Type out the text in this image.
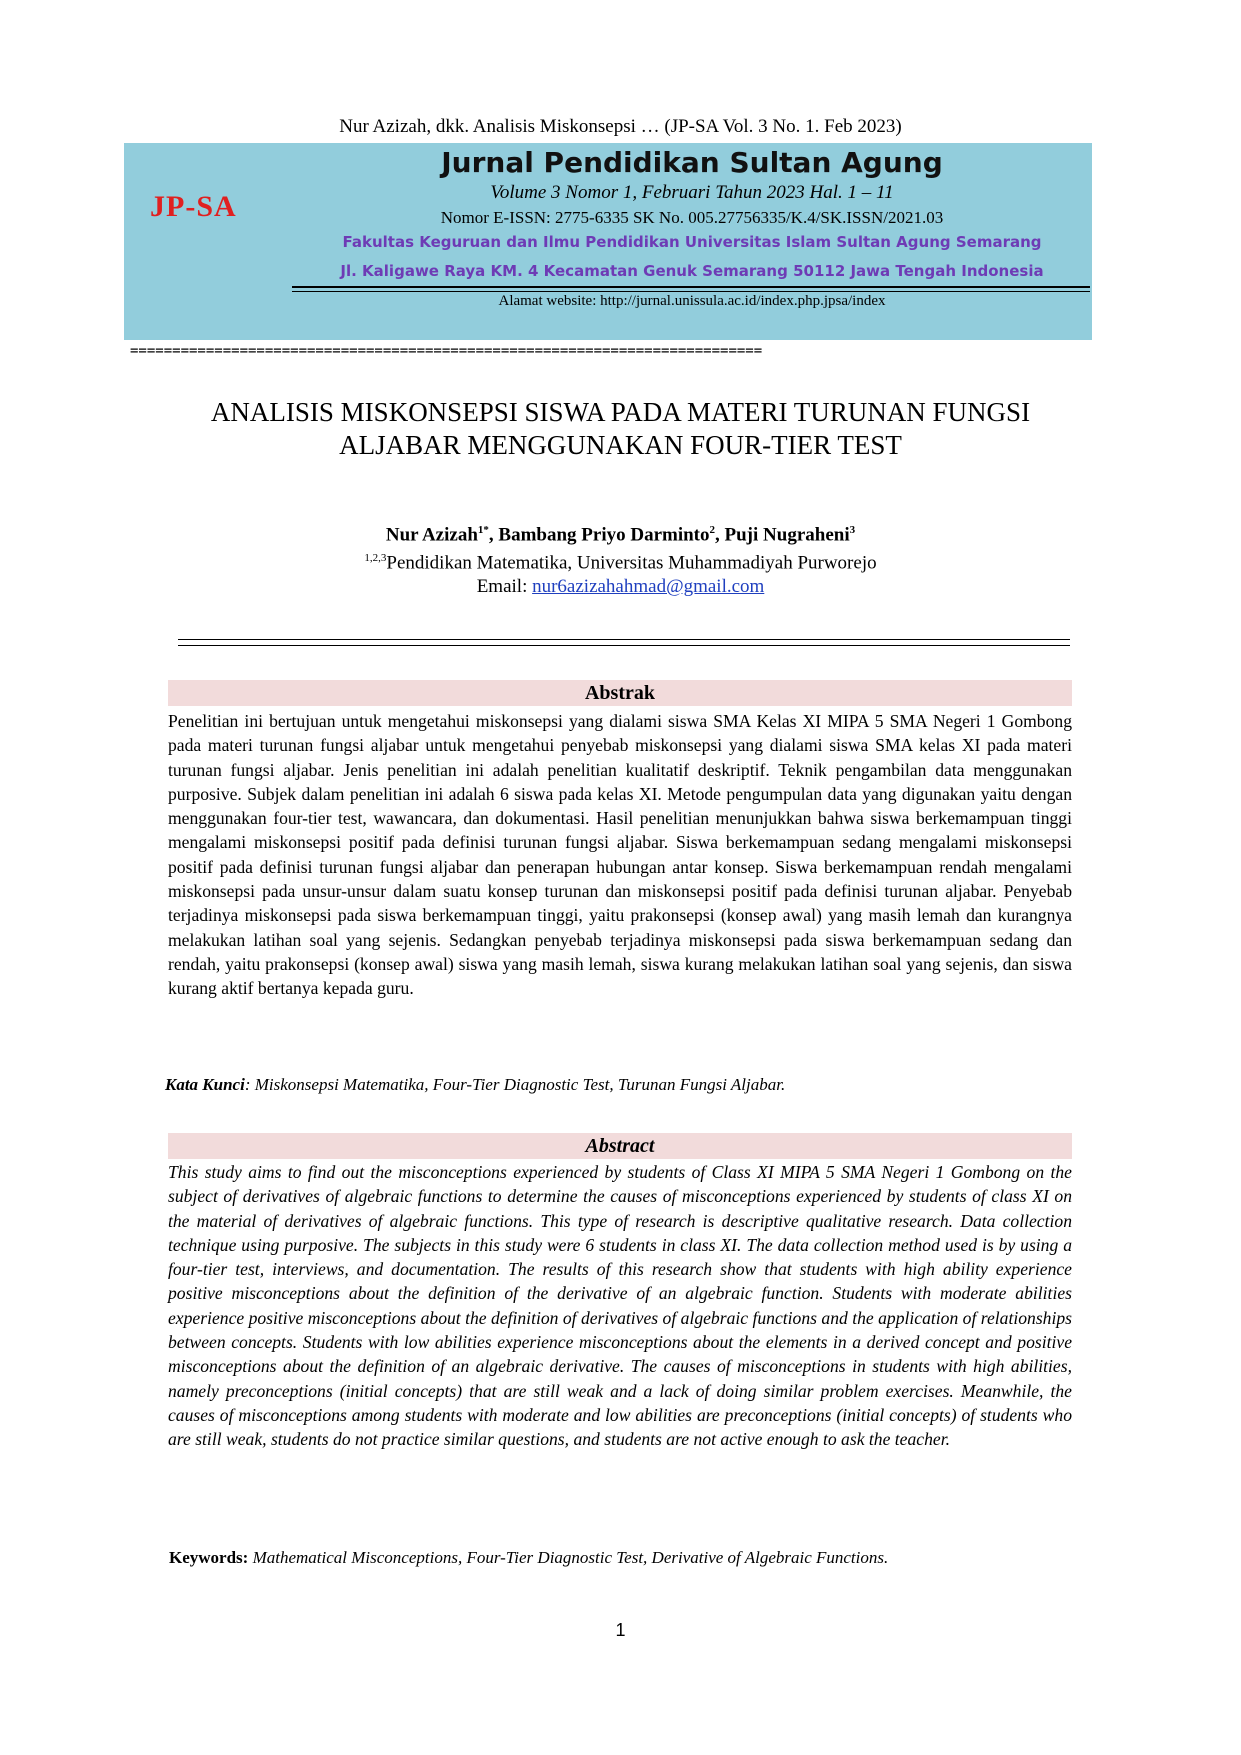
Nur Azizah, dkk. Analisis Miskonsepsi … (JP-SA Vol. 3 No. 1. Feb 2023)
JP-SA
Jurnal Pendidikan Sultan Agung
Volume 3 Nomor 1, Februari Tahun 2023 Hal. 1 – 11
Nomor E-ISSN: 2775-6335 SK No. 005.27756335/K.4/SK.ISSN/2021.03
Fakultas Keguruan dan Ilmu Pendidikan Universitas Islam Sultan Agung Semarang
Jl. Kaligawe Raya KM. 4 Kecamatan Genuk Semarang 50112 Jawa Tengah Indonesia
Alamat website: http://jurnal.unissula.ac.id/index.php.jpsa/index
===========================================================================
ANALISIS MISKONSEPSI SISWA PADA MATERI TURUNAN FUNGSI
ALJABAR MENGGUNAKAN FOUR-TIER TEST
Nur Azizah$^{1*}$, Bambang Priyo Darminto$^2$, Puji Nugraheni$^3$
$^{1,2,3}$Pendidikan Matematika, Universitas Muhammadiyah Purworejo
Email: nur6azizahahmad@gmail.com
Abstrak
Penelitian ini bertujuan untuk mengetahui miskonsepsi yang dialami siswa SMA Kelas XI MIPA 5 SMA Negeri 1 Gombong pada materi turunan fungsi aljabar untuk mengetahui penyebab miskonsepsi yang dialami siswa SMA kelas XI pada materi turunan fungsi aljabar. Jenis penelitian ini adalah penelitian kualitatif deskriptif. Teknik pengambilan data menggunakan purposive. Subjek dalam penelitian ini adalah 6 siswa pada kelas XI. Metode pengumpulan data yang digunakan yaitu dengan menggunakan four-tier test, wawancara, dan dokumentasi. Hasil penelitian menunjukkan bahwa siswa berkemampuan tinggi mengalami miskonsepsi positif pada definisi turunan fungsi aljabar. Siswa berkemampuan sedang mengalami miskonsepsi positif pada definisi turunan fungsi aljabar dan penerapan hubungan antar konsep. Siswa berkemampuan rendah mengalami miskonsepsi pada unsur-unsur dalam suatu konsep turunan dan miskonsepsi positif pada definisi turunan aljabar. Penyebab terjadinya miskonsepsi pada siswa berkemampuan tinggi, yaitu prakonsepsi (konsep awal) yang masih lemah dan kurangnya melakukan latihan soal yang sejenis. Sedangkan penyebab terjadinya miskonsepsi pada siswa berkemampuan sedang dan rendah, yaitu prakonsepsi (konsep awal) siswa yang masih lemah, siswa kurang melakukan latihan soal yang sejenis, dan siswa kurang aktif bertanya kepada guru.
Kata Kunci: Miskonsepsi Matematika, Four-Tier Diagnostic Test, Turunan Fungsi Aljabar.
Abstract
This study aims to find out the misconceptions experienced by students of Class XI MIPA 5 SMA Negeri 1 Gombong on the subject of derivatives of algebraic functions to determine the causes of misconceptions experienced by students of class XI on the material of derivatives of algebraic functions. This type of research is descriptive qualitative research. Data collection technique using purposive. The subjects in this study were 6 students in class XI. The data collection method used is by using a four-tier test, interviews, and documentation. The results of this research show that students with high ability experience positive misconceptions about the definition of the derivative of an algebraic function. Students with moderate abilities experience positive misconceptions about the definition of derivatives of algebraic functions and the application of relationships between concepts. Students with low abilities experience misconceptions about the elements in a derived concept and positive misconceptions about the definition of an algebraic derivative. The causes of misconceptions in students with high abilities, namely preconceptions (initial concepts) that are still weak and a lack of doing similar problem exercises. Meanwhile, the causes of misconceptions among students with moderate and low abilities are preconceptions (initial concepts) of students who are still weak, students do not practice similar questions, and students are not active enough to ask the teacher.
Keywords: Mathematical Misconceptions, Four-Tier Diagnostic Test, Derivative of Algebraic Functions.
1
